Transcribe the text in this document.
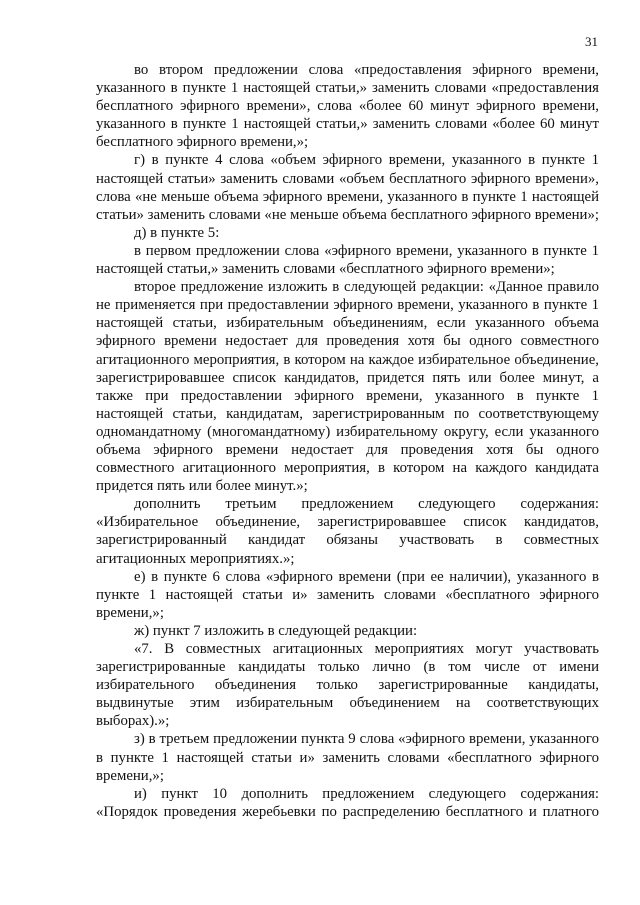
31

во втором предложении слова «предоставления эфирного времени, указанного в пункте 1 настоящей статьи,» заменить словами «предоставления бесплатного эфирного времени», слова «более 60 минут эфирного времени, указанного в пункте 1 настоящей статьи,» заменить словами «более 60 минут бесплатного эфирного времени,»;

г) в пункте 4 слова «объем эфирного времени, указанного в пункте 1 настоящей статьи» заменить словами «объем бесплатного эфирного времени», слова «не меньше объема эфирного времени, указанного в пункте 1 настоящей статьи» заменить словами «не меньше объема бесплатного эфирного времени»;

д) в пункте 5:

в первом предложении слова «эфирного времени, указанного в пункте 1 настоящей статьи,» заменить словами «бесплатного эфирного времени»;

второе предложение изложить в следующей редакции: «Данное правило не применяется при предоставлении эфирного времени, указанного в пункте 1 настоящей статьи, избирательным объединениям, если указанного объема эфирного времени недостает для проведения хотя бы одного совместного агитационного мероприятия, в котором на каждое избирательное объединение, зарегистрировавшее список кандидатов, придется пять или более минут, а также при предоставлении эфирного времени, указанного в пункте 1 настоящей статьи, кандидатам, зарегистрированным по соответствующему одномандатному (многомандатному) избирательному округу, если указанного объема эфирного времени недостает для проведения хотя бы одного совместного агитационного мероприятия, в котором на каждого кандидата придется пять или более минут.»;

дополнить третьим предложением следующего содержания: «Избирательное объединение, зарегистрировавшее список кандидатов, зарегистрированный кандидат обязаны участвовать в совместных агитационных мероприятиях.»;

е) в пункте 6 слова «эфирного времени (при ее наличии), указанного в пункте 1 настоящей статьи и» заменить словами «бесплатного эфирного времени,»;

ж) пункт 7 изложить в следующей редакции:

«7. В совместных агитационных мероприятиях могут участвовать зарегистрированные кандидаты только лично (в том числе от имени избирательного объединения только зарегистрированные кандидаты, выдвинутые этим избирательным объединением на соответствующих выборах).»;

з) в третьем предложении пункта 9 слова «эфирного времени, указанного в пункте 1 настоящей статьи и» заменить словами «бесплатного эфирного времени,»;

и) пункт 10 дополнить предложением следующего содержания: «Порядок проведения жеребьевки по распределению бесплатного и платного
